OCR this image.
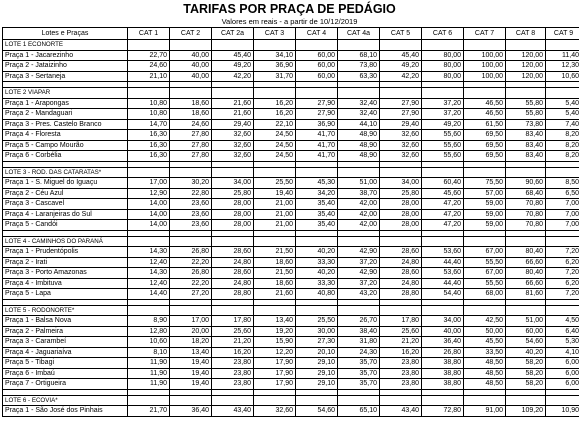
TARIFAS POR PRAÇA DE PEDÁGIO
Valores em reais - a partir de 10/12/2019
Lotes e Praças	CAT 1	CAT 2	CAT 2a	CAT 3	CAT 4	CAT 4a	CAT 5	CAT 6	CAT 7	CAT 8	CAT 9
LOTE 1 ECONORTE											
Praça 1 - Jacarezinho	22,70	40,00	45,40	34,10	60,00	68,10	45,40	80,00	100,00	120,00	11,40
Praça 2 - Jataizinho	24,60	40,00	49,20	36,90	60,00	73,80	49,20	80,00	100,00	120,00	12,30
Praça 3 - Sertaneja	21,10	40,00	42,20	31,70	60,00	63,30	42,20	80,00	100,00	120,00	10,60

LOTE 2 VIAPAR											
Praça 1 - Arapongas	10,80	18,60	21,60	16,20	27,90	32,40	27,90	37,20	46,50	55,80	5,40
Praça 2 - Mandaguari	10,80	18,60	21,60	16,20	27,90	32,40	27,90	37,20	46,50	55,80	5,40
Praça 3 - Pres. Castelo Branco	14,70	24,60	29,40	22,10	36,90	44,10	29,40	49,20	61,50	73,80	7,40
Praça 4 - Floresta	16,30	27,80	32,60	24,50	41,70	48,90	32,60	55,60	69,50	83,40	8,20
Praça 5 - Campo Mourão	16,30	27,80	32,60	24,50	41,70	48,90	32,60	55,60	69,50	83,40	8,20
Praça 6 - Corbélia	16,30	27,80	32,60	24,50	41,70	48,90	32,60	55,60	69,50	83,40	8,20

LOTE 3 - ROD. DAS CATARATAS*											
Praça 1 - S. Miguel do Iguaçu	17,00	30,20	34,00	25,50	45,30	51,00	34,00	60,40	75,50	90,60	8,50
Praça 2 - Céu Azul	12,90	22,80	25,80	19,40	34,20	38,70	25,80	45,60	57,00	68,40	6,50
Praça 3 - Cascavel	14,00	23,60	28,00	21,00	35,40	42,00	28,00	47,20	59,00	70,80	7,00
Praça 4 - Laranjeiras do Sul	14,00	23,60	28,00	21,00	35,40	42,00	28,00	47,20	59,00	70,80	7,00
Praça 5 - Candói	14,00	23,60	28,00	21,00	35,40	42,00	28,00	47,20	59,00	70,80	7,00

LOTE 4 - CAMINHOS DO PARANÁ											
Praça 1 - Prudentópolis	14,30	26,80	28,60	21,50	40,20	42,90	28,60	53,60	67,00	80,40	7,20
Praça 2 - Irati	12,40	22,20	24,80	18,60	33,30	37,20	24,80	44,40	55,50	66,60	6,20
Praça 3 - Porto Amazonas	14,30	26,80	28,60	21,50	40,20	42,90	28,60	53,60	67,00	80,40	7,20
Praça 4 - Imbituva	12,40	22,20	24,80	18,60	33,30	37,20	24,80	44,40	55,50	66,60	6,20
Praça 5 - Lapa	14,40	27,20	28,80	21,60	40,80	43,20	28,80	54,40	68,00	81,60	7,20

LOTE 5 - RODONORTE*											
Praça 1 - Balsa Nova	8,90	17,00	17,80	13,40	25,50	26,70	17,80	34,00	42,50	51,00	4,50
Praça 2 - Palmeira	12,80	20,00	25,60	19,20	30,00	38,40	25,60	40,00	50,00	60,00	6,40
Praça 3 - Carambeí	10,60	18,20	21,20	15,90	27,30	31,80	21,20	36,40	45,50	54,60	5,30
Praça 4 - Jaguariaíva	8,10	13,40	16,20	12,20	20,10	24,30	16,20	26,80	33,50	40,20	4,10
Praça 5 - Tibagi	11,90	19,40	23,80	17,90	29,10	35,70	23,80	38,80	48,50	58,20	6,00
Praça 6 - Imbaú	11,90	19,40	23,80	17,90	29,10	35,70	23,80	38,80	48,50	58,20	6,00
Praça 7 - Ortigueira	11,90	19,40	23,80	17,90	29,10	35,70	23,80	38,80	48,50	58,20	6,00

LOTE 6 - ECOVIA*											
Praça 1 - São José dos Pinhais	21,70	36,40	43,40	32,60	54,60	65,10	43,40	72,80	91,00	109,20	10,90
